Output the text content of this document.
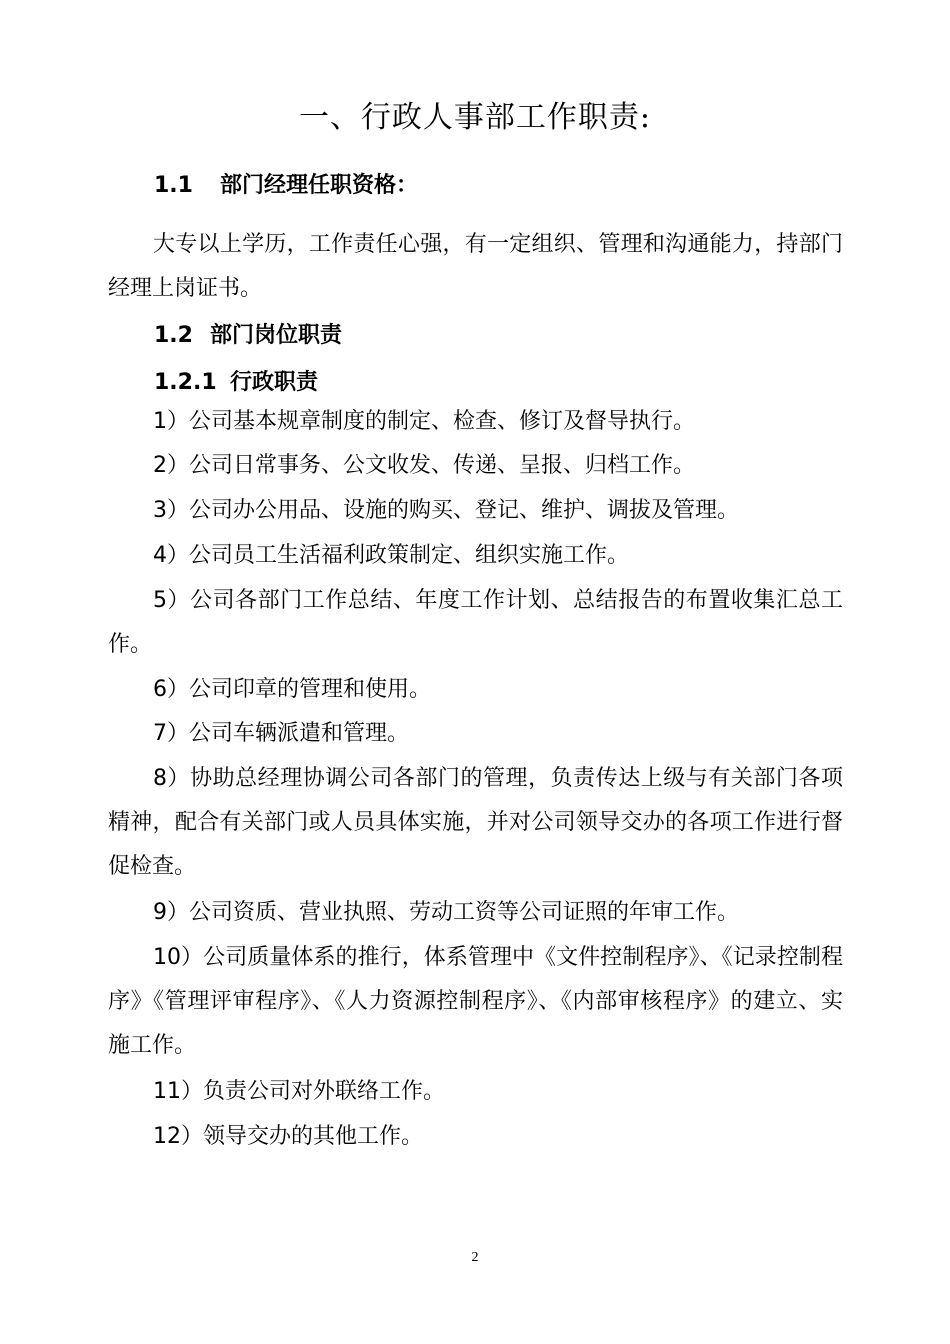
一、行政人事部工作职责:
1.1 部门经理任职资格：
大专以上学历，工作责任心强，有一定组织、管理和沟通能力，持部门经理上岗证书。
1.2 部门岗位职责
1.2.1 行政职责
1）公司基本规章制度的制定、检查、修订及督导执行。
2）公司日常事务、公文收发、传递、呈报、归档工作。
3）公司办公用品、设施的购买、登记、维护、调拔及管理。
4）公司员工生活福利政策制定、组织实施工作。
5）公司各部门工作总结、年度工作计划、总结报告的布置收集汇总工作。
6）公司印章的管理和使用。
7）公司车辆派遣和管理。
8）协助总经理协调公司各部门的管理，负责传达上级与有关部门各项精神，配合有关部门或人员具体实施，并对公司领导交办的各项工作进行督促检查。
9）公司资质、营业执照、劳动工资等公司证照的年审工作。
10）公司质量体系的推行，体系管理中《文件控制程序》、《记录控制程序》《管理评审程序》、《人力资源控制程序》、《内部审核程序》的建立、实施工作。
11）负责公司对外联络工作。
12）领导交办的其他工作。
2
